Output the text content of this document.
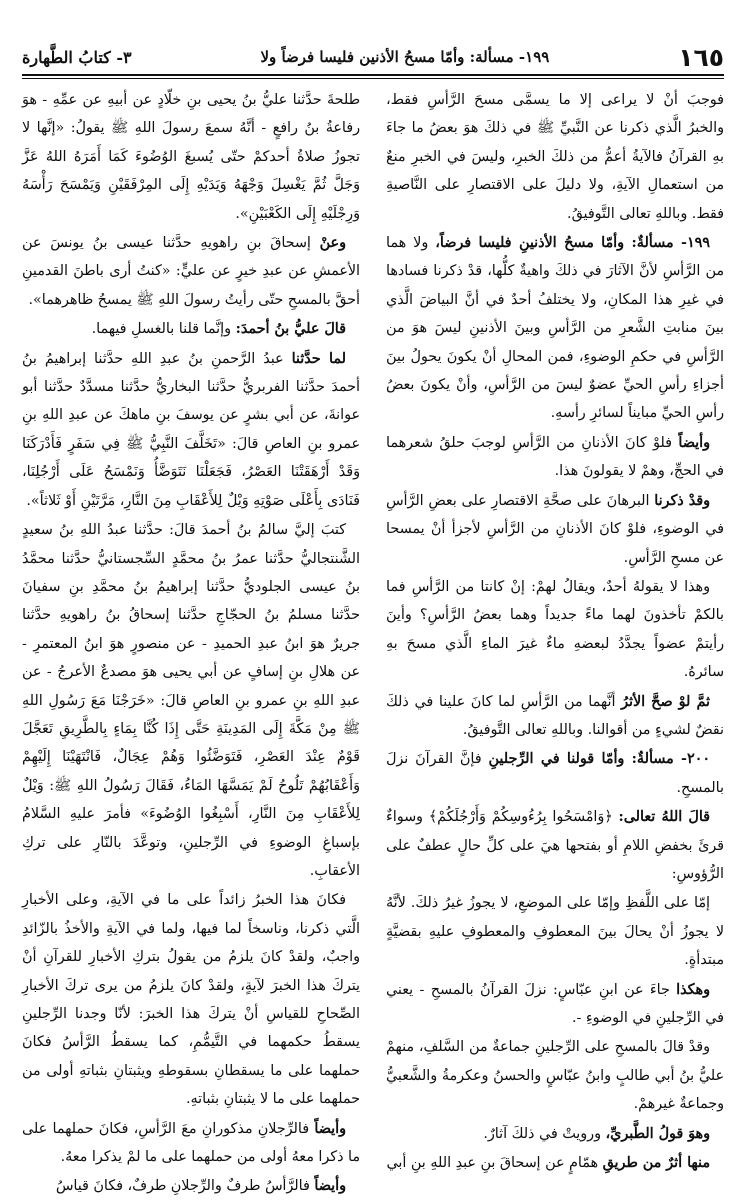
١٦٥
١٩٩- مسألة: وأمّا مسحُ الأذنين فليسا فرضاً ولا
٣- كتابُ الطَّهارة

فوجبَ أنْ لا يراعى إلا ما يسمَّى مسحَ الرَّأسِ فقط، والخبرُ الَّذي ذكرنا عن النَّبيِّ ﷺ في ذلكَ هوَ بعضُ ما جاءَ بهِ القرآنُ فالآيةُ أعمُّ من ذلكَ الخبرِ، وليسَ في الخبرِ منعٌ من استعمالِ الآيةِ، ولا دليلَ على الاقتصارِ على النَّاصيةِ فقط. وباللهِ تعالى التَّوفيقُ.

١٩٩- مسألةٌ: وأمّا مسحُ الأذنينِ فليسا فرضاً، ولا هما من الرَّأسِ لأنَّ الآثارَ في ذلكَ واهيةٌ كلُّها، قدْ ذكرنا فسادها في غيرِ هذا المكانِ، ولا يختلفُ أحدٌ في أنَّ البياضَ الَّذي بينَ منابتِ الشَّعرِ من الرَّأسِ وبينَ الأذنينِ ليسَ هوَ من الرَّأسِ في حكمِ الوضوءِ، فمن المحالِ أنْ يكونَ يحولُ بينَ أجزاءِ رأسِ الحيِّ عضوٌ ليسَ من الرَّأسِ، وأنْ يكونَ بعضُ رأسِ الحيِّ مبايناً لسائرِ رأسهِ.

وأيضاً فلوْ كانَ الأذنانِ من الرَّأسِ لوجبَ حلقُ شعرهما في الحجِّ، وهمْ لا يقولونَ هذا.

وقدْ ذكرنا البرهانَ على صحَّةِ الاقتصارِ على بعضِ الرَّأسِ في الوضوءِ، فلوْ كانَ الأذنانِ من الرَّأسِ لأجزأ أنْ يمسحا عن مسحِ الرَّأسِ.

وهذا لا يقولهُ أحدٌ، ويقالُ لهمْ: إنْ كانتا من الرَّأسِ فما بالكمْ تأخذونَ لهما ماءً جديداً وهما بعضُ الرَّأسِ؟ وأينَ رأيتمْ عضواً يجدَّدُ لبعضهِ ماءٌ غيرَ الماءِ الَّذي مسحَ بهِ سائرهُ.

ثمَّ لوْ صحَّ الأثرُ أنَّهما من الرَّأسِ لما كانَ علينا في ذلكَ نقضٌ لشيءٍ من أقوالنا. وباللهِ تعالى التَّوفيقُ.

٢٠٠- مسألةٌ: وأمّا قولنا في الرِّجلينِ فإنَّ القرآنَ نزلَ بالمسحِ.

قالَ اللهُ تعالى: ﴿وَامْسَحُوا بِرُءُوسِكُمْ وَأَرْجُلَكُمْ﴾ وسواءٌ قرئَ بخفضِ اللامِ أو بفتحها هيَ على كلِّ حالٍ عطفٌ على الرُّؤوسِ:

إمّا على اللَّفظِ وإمّا على الموضعِ، لا يجوزُ غيرُ ذلكَ. لأنَّهُ لا يجوزُ أنْ يحالَ بينَ المعطوفِ والمعطوفِ عليهِ بقضيَّةٍ مبتدأةٍ.

وهكذا جاءَ عن ابنِ عبّاسٍ: نزلَ القرآنُ بالمسحِ - يعني في الرِّجلينِ في الوضوءِ -.

وقدْ قالَ بالمسحِ على الرِّجلينِ جماعةٌ من السَّلفِ، منهمْ عليُّ بنُ أبي طالبٍ وابنُ عبّاسٍ والحسنُ وعكرمةُ والشَّعبيُّ وجماعةٌ غيرهمْ.

وهوَ قولُ الطَّبريِّ، ورويتْ في ذلكَ آثارٌ.

منها أثرٌ من طريقِ همّامٍ عن إسحاقَ بنِ عبدِ اللهِ بنِ أبي

طلحةَ حدَّثنا عليُّ بنُ يحيى بنِ خلّادٍ عن أبيهِ عن عمِّهِ - هوَ رفاعةُ بنُ رافعٍ - أنَّهُ سمعَ رسولَ اللهِ ﷺ يقولُ: «إنَّها لا تجوزُ صلاةُ أحدكمْ حتّى يُسبغَ الوُضُوءَ كَمَا أَمَرَهُ اللهُ عَزَّ وَجَلَّ ثُمَّ يَغْسِلَ وَجْهَهُ وَيَدَيْهِ إِلَى المِرْفَقَيْنِ وَيَمْسَحَ رَأْسَهُ وَرِجْلَيْهِ إِلَى الكَعْبَيْنِ».

وعنْ إسحاقَ بنِ راهويهِ حدَّثنا عيسى بنُ يونسَ عن الأعمشِ عن عبدِ خيرٍ عن عليٍّ: «كنتُ أرى باطنَ القدمينِ أحقَّ بالمسحِ حتّى رأيتُ رسولَ اللهِ ﷺ يمسحُ ظاهرهما».

قالَ عليُّ بنُ أحمدَ: وإنَّما قلنا بالغسلِ فيهما.

لما حدَّثنا عبدُ الرَّحمنِ بنُ عبدِ اللهِ حدَّثنا إبراهيمُ بنُ أحمدَ حدَّثنا الفربريُّ حدَّثنا البخاريُّ حدَّثنا مسدَّدٌ حدَّثنا أبو عوانةَ، عن أبي بشرٍ عن يوسفَ بنِ ماهكَ عن عبدِ اللهِ بنِ عمرو بنِ العاصِ قالَ: «تَخَلَّفَ النَّبِيُّ ﷺ فِي سَفَرٍ فَأَدْرَكَنَا وَقَدْ أَرْهَقَتْنَا العَصْرُ، فَجَعَلْنَا نَتَوَضَّأُ وَنَمْسَحُ عَلَى أَرْجُلِنَا، فَنَادَى بِأَعْلَى صَوْتِهِ وَيْلٌ لِلأَعْقَابِ مِنَ النَّارِ، مَرَّتَيْنِ أَوْ ثَلاثاً».

كتبَ إليَّ سالمُ بنُ أحمدَ قالَ: حدَّثنا عبدُ اللهِ بنُ سعيدٍ الشَّنتجاليُّ حدَّثنا عمرُ بنُ محمَّدٍ السِّجستانيُّ حدَّثنا محمَّدُ بنُ عيسى الجلوديُّ حدَّثنا إبراهيمُ بنُ محمَّدِ بنِ سفيانَ حدَّثنا مسلمُ بنُ الحجّاجِ حدَّثنا إسحاقُ بنُ راهويهِ حدَّثنا جريرٌ هوَ ابنُ عبدِ الحميدِ - عن منصورٍ هوَ ابنُ المعتمرِ - عن هلالِ بنِ إسافٍ عن أبي يحيى هوَ مصدعٌ الأعرجُ - عن عبدِ اللهِ بنِ عمرو بنِ العاصِ قالَ: «خَرَجْنَا مَعَ رَسُولِ اللهِ ﷺ مِنْ مَكَّةَ إِلَى المَدِينَةِ حَتَّى إِذَا كُنَّا بِمَاءٍ بِالطَّرِيقِ تَعَجَّلَ قَوْمٌ عِنْدَ العَصْرِ، فَتَوَضَّئُوا وَهُمْ عِجَالٌ، فَانْتَهَيْنَا إِلَيْهِمْ وَأَعْقَابُهُمْ تَلُوحُ لَمْ يَمَسَّهَا المَاءُ، فَقَالَ رَسُولُ اللهِ ﷺ: وَيْلٌ لِلأَعْقَابِ مِنَ النَّارِ، أَسْبِغُوا الوُضُوءَ» فأمرَ عليهِ السَّلامُ بإسباغِ الوضوءِ في الرِّجلينِ، وتوعَّدَ بالنّارِ على تركِ الأعقابِ.

فكانَ هذا الخبرُ زائداً على ما في الآيةِ، وعلى الأخبارِ الَّتي ذكرنا، وناسخاً لما فيها، ولما في الآيةِ والأخذُ بالزّائدِ واجبٌ، ولقدْ كانَ يلزمُ من يقولُ بتركِ الأخبارِ للقرآنِ أنْ يتركَ هذا الخبرَ لآيةٍ، ولقدْ كانَ يلزمُ من يرى تركَ الأخبارِ الصِّحاحِ للقياسِ أنْ يتركَ هذا الخبرَ: لأنّا وجدنا الرِّجلينِ يسقطُ حكمهما في التَّيمُّمِ، كما يسقطُ الرَّأسُ فكانَ حملهما على ما يسقطانِ بسقوطهِ ويثبتانِ بثباتهِ أولى من حملهما على ما لا يثبتانِ بثباتهِ.

وأيضاً فالرِّجلانِ مذكورانِ معَ الرَّأسِ، فكانَ حملهما على ما ذكرا معهُ أولى من حملهما على ما لمْ يذكرا معهُ.

وأيضاً فالرَّأسُ طرفٌ والرِّجلانِ طرفٌ، فكانَ قياسُ
